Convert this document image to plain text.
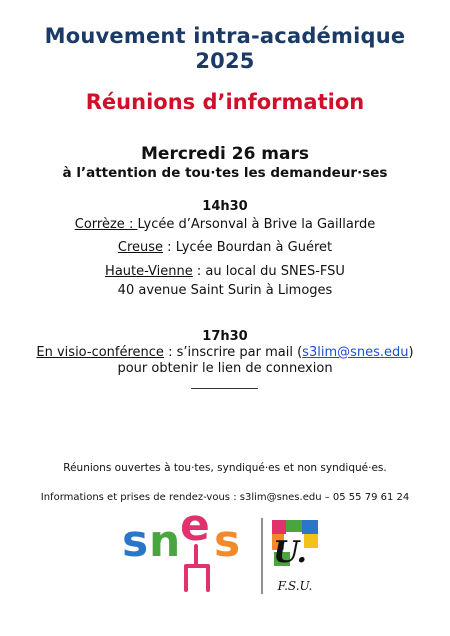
Mouvement intra-académique
2025
Réunions d’information
Mercredi 26 mars
à l’attention de tou·tes les demandeur·ses
14h30
Corrèze : Lycée d’Arsonval à Brive la Gaillarde
Creuse : Lycée Bourdan à Guéret
Haute-Vienne : au local du SNES-FSU
40 avenue Saint Surin à Limoges
17h30
En visio-conférence : s’inscrire par mail (s3lim@snes.edu)
pour obtenir le lien de connexion
Réunions ouvertes à tou·tes, syndiqué·es et non syndiqué·es.
Informations et prises de rendez-vous : s3lim@snes.edu – 05 55 79 61 24
s n e s U.
F.S.U.
